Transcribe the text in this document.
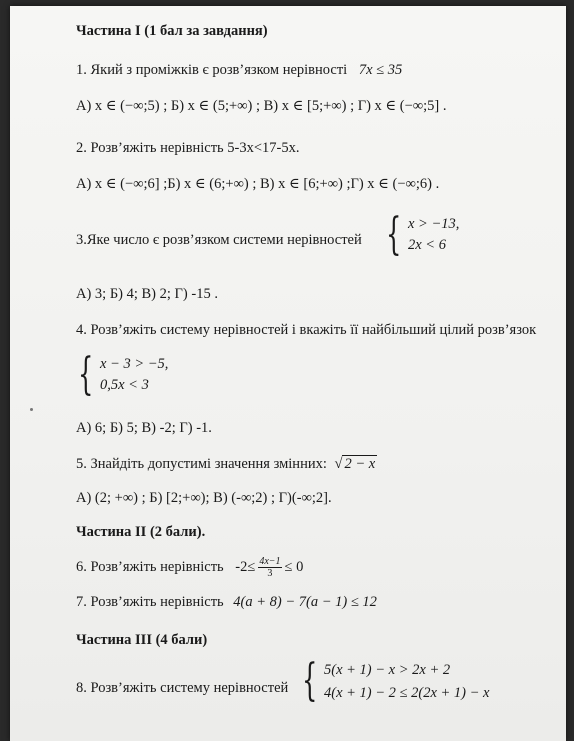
Частина І (1 бал за завдання)
1. Який з проміжків є розв’язком нерівності 7x ≤ 35
А) x ∈ (−∞;5) ; Б) x ∈ (5;+∞) ; В) x ∈ [5;+∞) ; Г) x ∈ (−∞;5] .
2. Розв’яжіть нерівність 5-3x<17-5x.
А) x ∈ (−∞;6] ;Б) x ∈ (6;+∞) ; В) x ∈ [6;+∞) ;Г) x ∈ (−∞;6) .
3.Яке число є розв’язком системи нерівностей { x > −13,
2x < 6
А) 3; Б) 4; В) 2; Г) -15 .
4. Розв’яжіть систему нерівностей і вкажіть її найбільший цілий розв’язок
{ x − 3 > −5,
0,5x < 3
А) 6; Б) 5; В) -2; Г) -1.
5. Знайдіть допустимі значення змінних: √ 2 − x
А) (2; +∞) ; Б) [2;+∞); В) (-∞;2) ; Г)(-∞;2].
Частина ІІ (2 бали).
6. Розв’яжіть нерівність $-2\le \frac{4x-1}{3} \le 0$
7. Розв’яжіть нерівність 4(a + 8) − 7(a − 1) ≤ 12
Частина ІІІ (4 бали)
8. Розв’яжіть систему нерівностей { 5(x + 1) − x > 2x + 2
4(x + 1) − 2 ≤ 2(2x + 1) − x
